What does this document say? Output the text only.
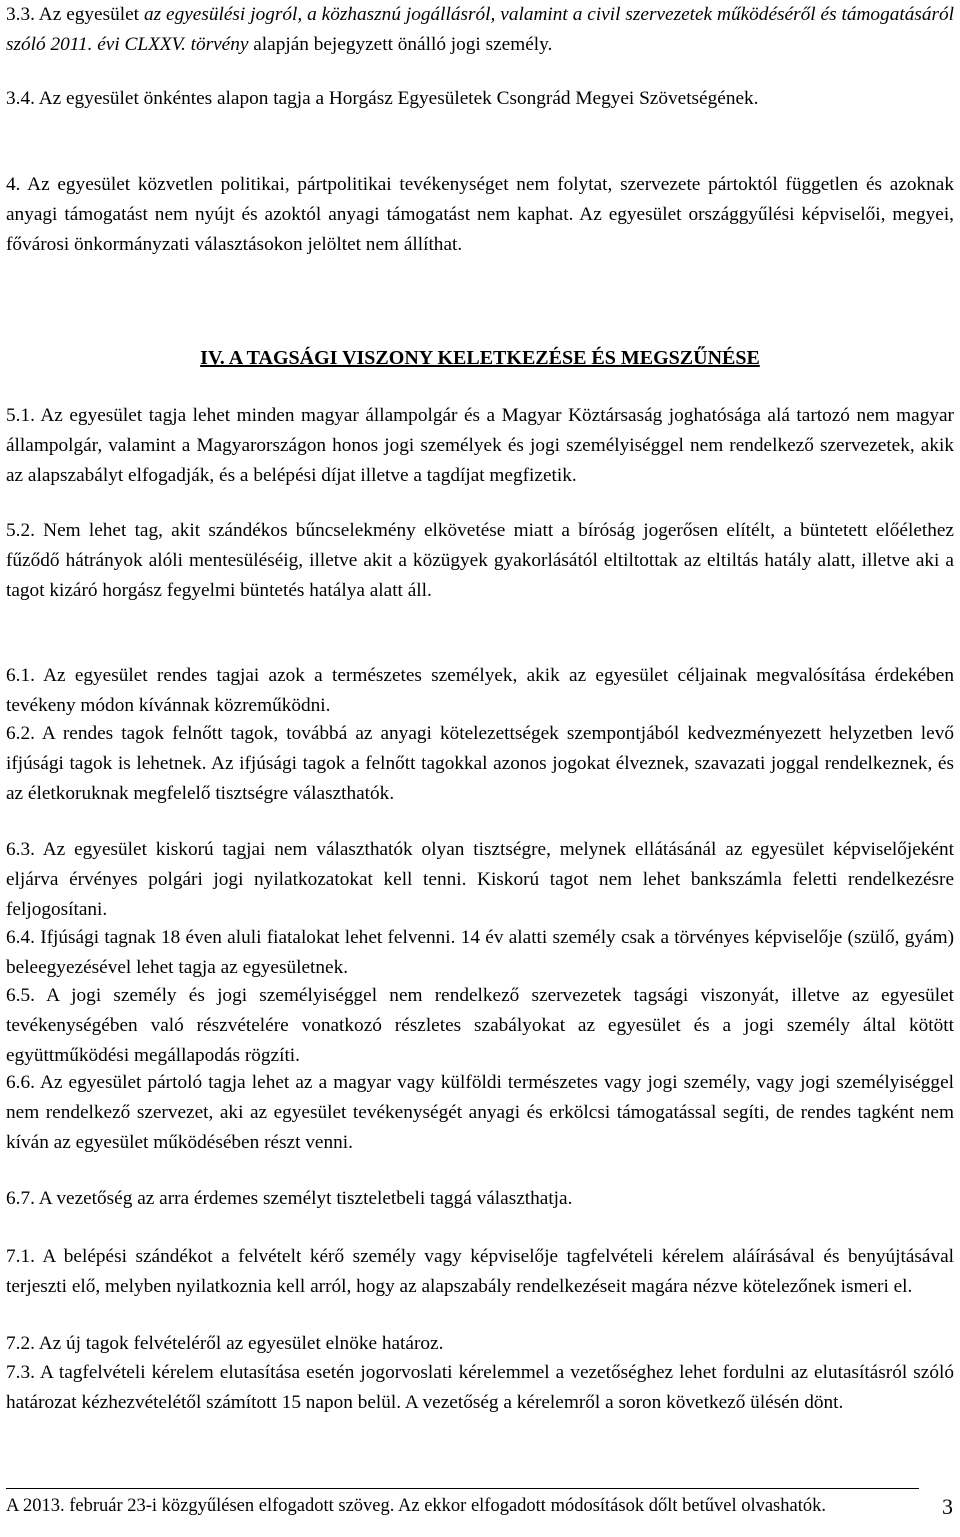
3.3. Az egyesület az egyesülési jogról, a közhasznú jogállásról, valamint a civil szervezetek működéséről és támogatásáról szóló 2011. évi CLXXV. törvény alapján bejegyzett önálló jogi személy.

3.4. Az egyesület önkéntes alapon tagja a Horgász Egyesületek Csongrád Megyei Szövetségének.

4. Az egyesület közvetlen politikai, pártpolitikai tevékenységet nem folytat, szervezete pártoktól független és azoknak anyagi támogatást nem nyújt és azoktól anyagi támogatást nem kaphat. Az egyesület országgyűlési képviselői, megyei, fővárosi önkormányzati választásokon jelöltet nem állíthat.

IV. A TAGSÁGI VISZONY KELETKEZÉSE ÉS MEGSZŰNÉSE

5.1. Az egyesület tagja lehet minden magyar állampolgár és a Magyar Köztársaság joghatósága alá tartozó nem magyar állampolgár, valamint a Magyarországon honos jogi személyek és jogi személyiséggel nem rendelkező szervezetek, akik az alapszabályt elfogadják, és a belépési díjat illetve a tagdíjat megfizetik.

5.2. Nem lehet tag, akit szándékos bűncselekmény elkövetése miatt a bíróság jogerősen elítélt, a büntetett előélethez fűződő hátrányok alóli mentesüléséig, illetve akit a közügyek gyakorlásától eltiltottak az eltiltás hatály alatt, illetve aki a tagot kizáró horgász fegyelmi büntetés hatálya alatt áll.

6.1. Az egyesület rendes tagjai azok a természetes személyek, akik az egyesület céljainak megvalósítása érdekében tevékeny módon kívánnak közreműködni.

6.2. A rendes tagok felnőtt tagok, továbbá az anyagi kötelezettségek szempontjából kedvezményezett helyzetben levő ifjúsági tagok is lehetnek. Az ifjúsági tagok a felnőtt tagokkal azonos jogokat élveznek, szavazati joggal rendelkeznek, és az életkoruknak megfelelő tisztségre választhatók.

6.3. Az egyesület kiskorú tagjai nem választhatók olyan tisztségre, melynek ellátásánál az egyesület képviselőjeként eljárva érvényes polgári jogi nyilatkozatokat kell tenni. Kiskorú tagot nem lehet bankszámla feletti rendelkezésre feljogosítani.

6.4. Ifjúsági tagnak 18 éven aluli fiatalokat lehet felvenni. 14 év alatti személy csak a törvényes képviselője (szülő, gyám) beleegyezésével lehet tagja az egyesületnek.

6.5. A jogi személy és jogi személyiséggel nem rendelkező szervezetek tagsági viszonyát, illetve az egyesület tevékenységében való részvételére vonatkozó részletes szabályokat az egyesület és a jogi személy által kötött együttműködési megállapodás rögzíti.

6.6. Az egyesület pártoló tagja lehet az a magyar vagy külföldi természetes vagy jogi személy, vagy jogi személyiséggel nem rendelkező szervezet, aki az egyesület tevékenységét anyagi és erkölcsi támogatással segíti, de rendes tagként nem kíván az egyesület működésében részt venni.

6.7. A vezetőség az arra érdemes személyt tiszteletbeli taggá választhatja.

7.1. A belépési szándékot a felvételt kérő személy vagy képviselője tagfelvételi kérelem aláírásával és benyújtásával terjeszti elő, melyben nyilatkoznia kell arról, hogy az alapszabály rendelkezéseit magára nézve kötelezőnek ismeri el.

7.2. Az új tagok felvételéről az egyesület elnöke határoz.

7.3. A tagfelvételi kérelem elutasítása esetén jogorvoslati kérelemmel a vezetőséghez lehet fordulni az elutasításról szóló határozat kézhezvételétől számított 15 napon belül. A vezetőség a kérelemről a soron következő ülésén dönt.

A 2013. február 23-i közgyűlésen elfogadott szöveg. Az ekkor elfogadott módosítások dőlt betűvel olvashatók.	3
